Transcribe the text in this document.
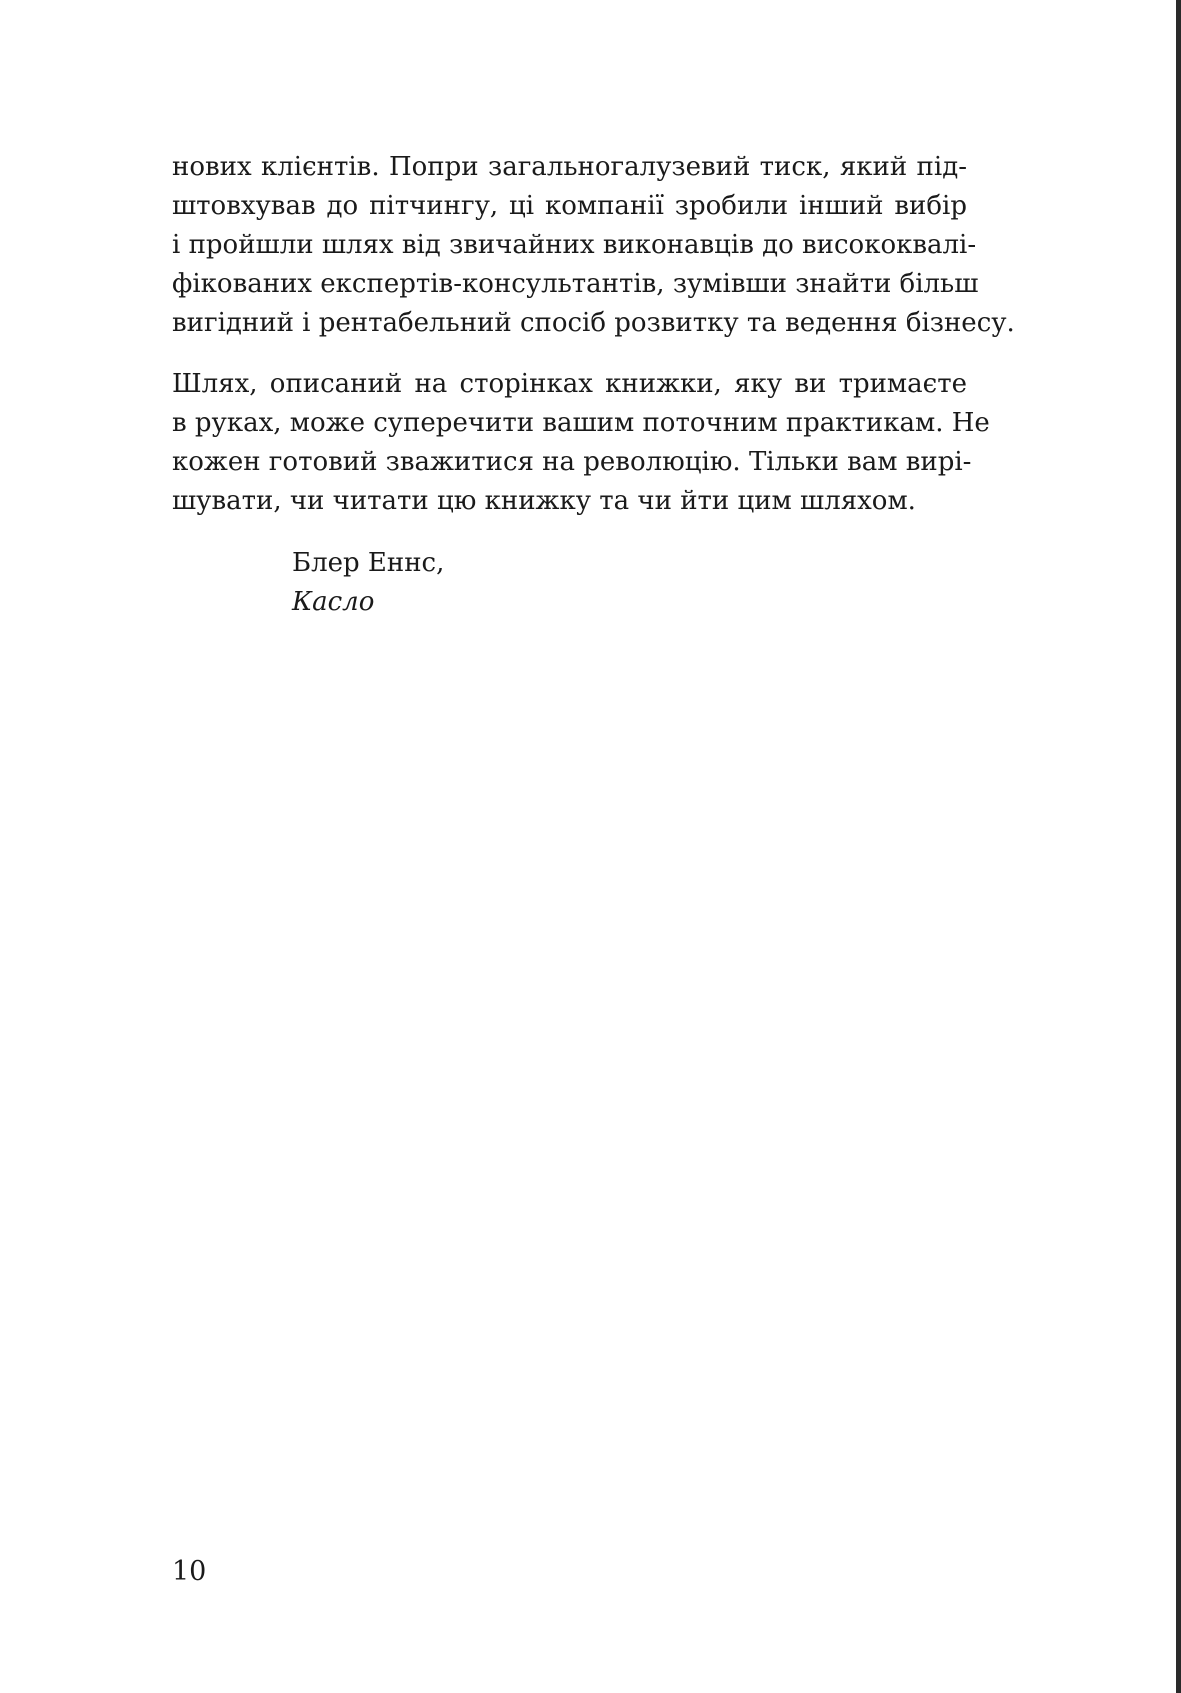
нових клієнтів. Попри загальногалузевий тиск, який під-
штовхував до пітчингу, ці компанії зробили інший вибір
і пройшли шлях від звичайних виконавців до висококвалі-
фікованих експертів-консультантів, зумівши знайти більш
вигідний і рентабельний спосіб розвитку та ведення бізнесу.

Шлях, описаний на сторінках книжки, яку ви тримаєте
в руках, може суперечити вашим поточним практикам. Не
кожен готовий зважитися на революцію. Тільки вам вирі-
шувати, чи читати цю книжку та чи йти цим шляхом.

Блер Еннс,
Касло
10
